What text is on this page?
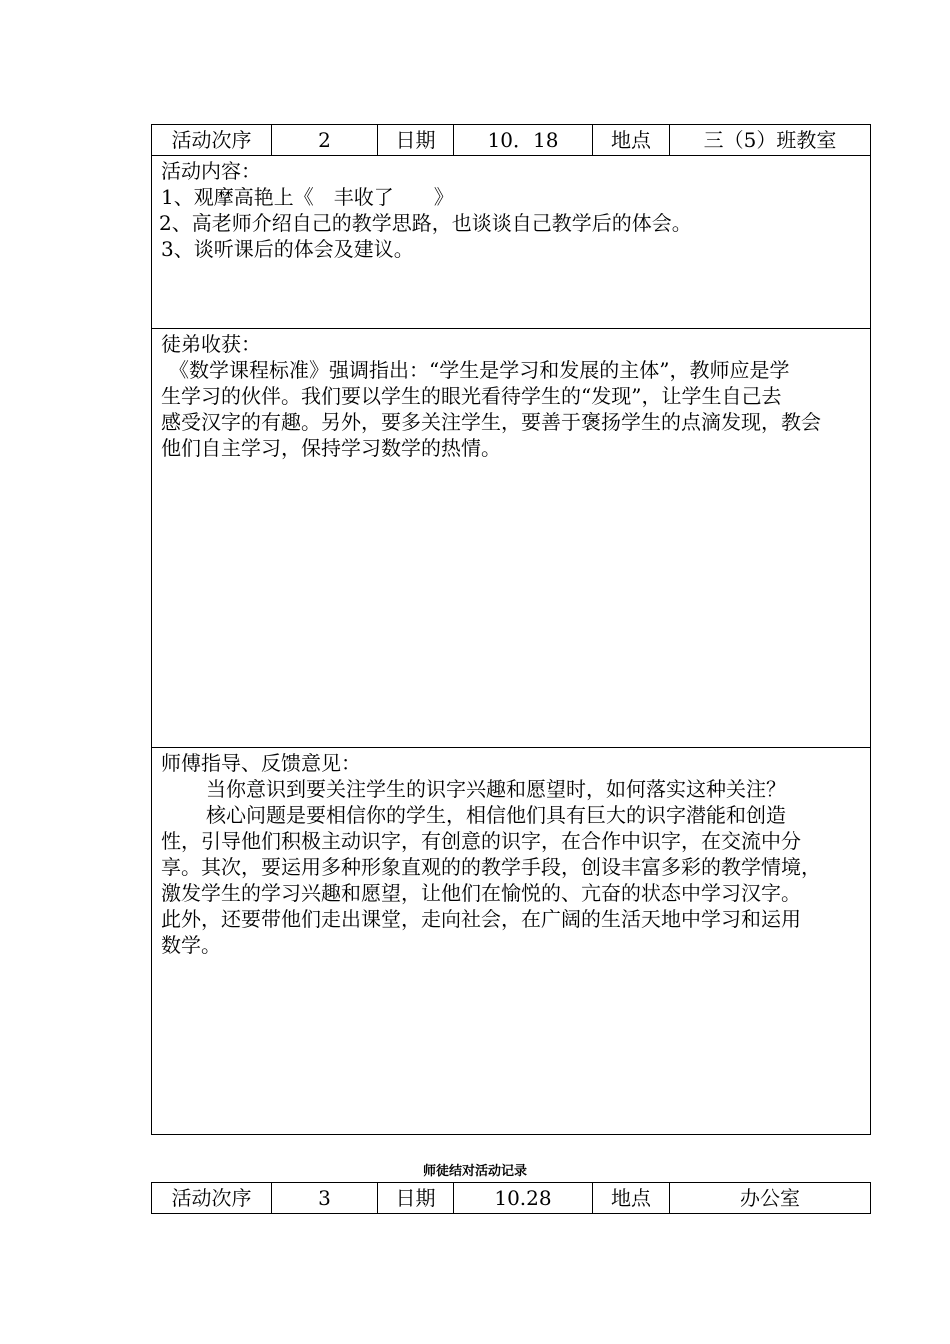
活动次序	2	日期	10．18	地点	三（5）班教室

活动内容：

1、观摩高艳上《　丰收了　　》

2、高老师介绍自己的教学思路，也谈谈自己教学后的体会。

3、谈听课后的体会及建议。

徒弟收获：

《数学课程标准》强调指出：“学生是学习和发展的主体”，教师应是学

生学习的伙伴。我们要以学生的眼光看待学生的“发现”，让学生自己去

感受汉字的有趣。另外，要多关注学生，要善于褒扬学生的点滴发现，教会

他们自主学习，保持学习数学的热情。

师傅指导、反馈意见：

当你意识到要关注学生的识字兴趣和愿望时，如何落实这种关注？

核心问题是要相信你的学生，相信他们具有巨大的识字潜能和创造

性，引导他们积极主动识字，有创意的识字，在合作中识字，在交流中分

享。其次，要运用多种形象直观的的教学手段，创设丰富多彩的教学情境，

激发学生的学习兴趣和愿望，让他们在愉悦的、亢奋的状态中学习汉字。

此外，还要带他们走出课堂，走向社会，在广阔的生活天地中学习和运用

数学。

师徒结对活动记录
活动次序	3	日期	10.28	地点	办公室
